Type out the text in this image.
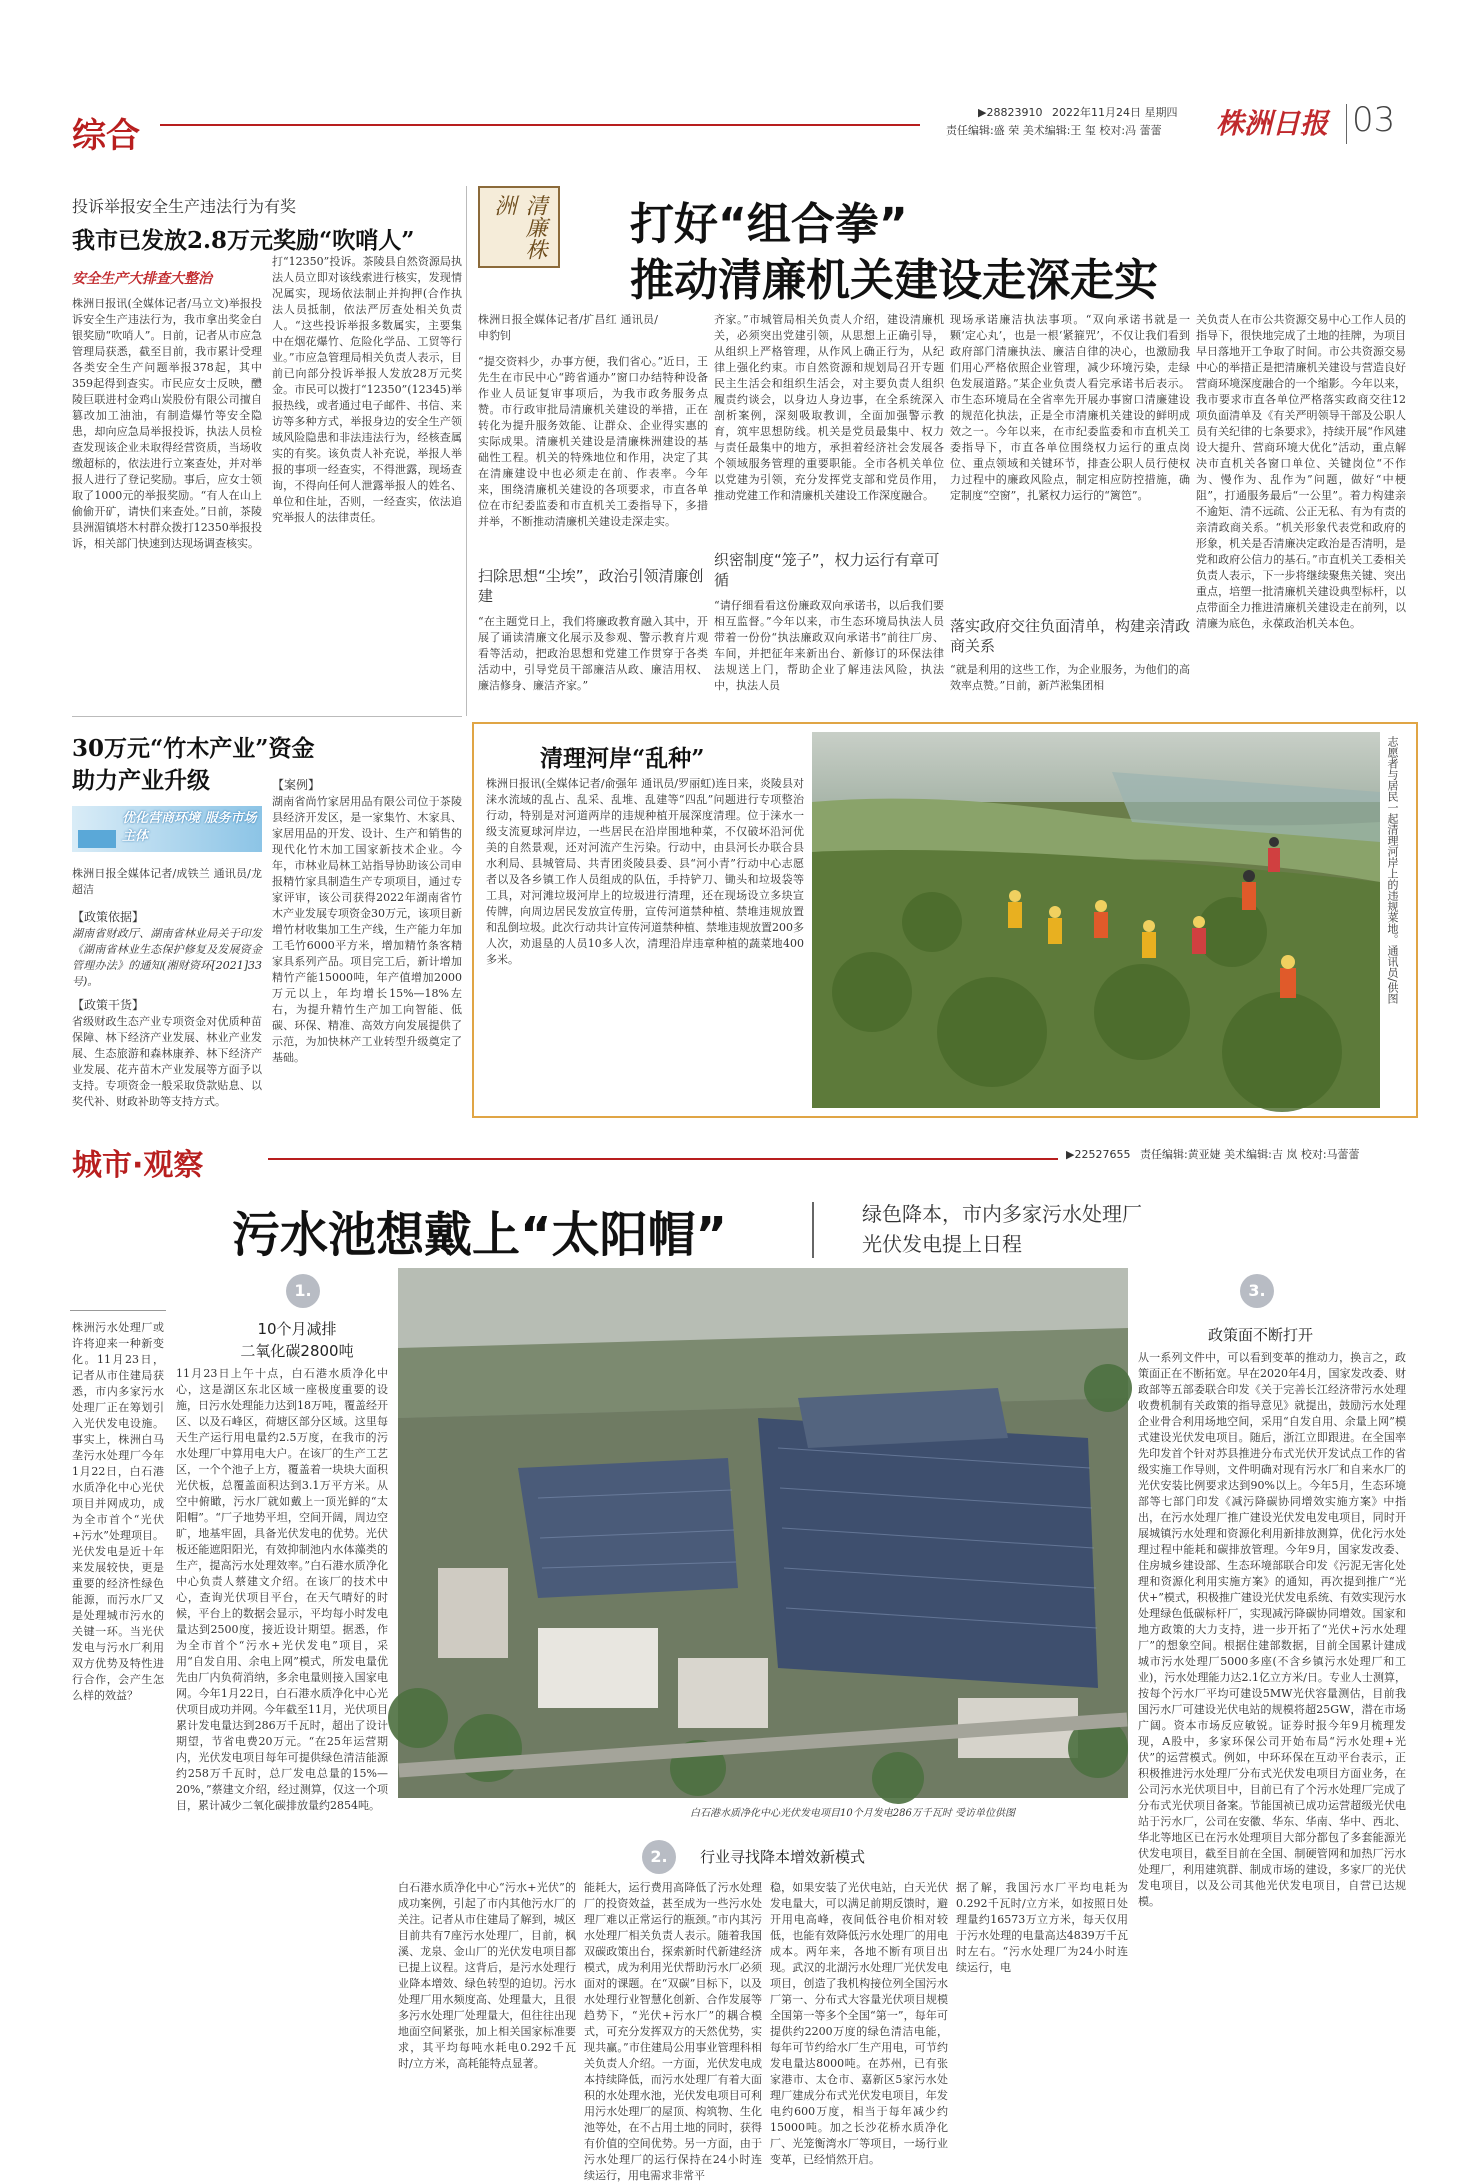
综合
▶28823910 2022年11月24日 星期四
责任编辑:盛 荣 美术编辑:王 玺 校对:冯 蕾蕾 株洲日报 03
投诉举报安全生产违法行为有奖
我市已发放2.8万元奖励“吹哨人”
安全生产大排查大整治
株洲日报讯(全媒体记者/马立文)举报投诉安全生产违法行为，我市拿出奖金白银奖励“吹哨人”。日前，记者从市应急管理局获悉，截至目前，我市累计受理各类安全生产问题举报378起，其中359起得到查实。市民应女士反映，醴陵巨联进村金鸡山炭股份有限公司擅自篡改加工油油，有制造爆竹等安全隐患，却向应急局举报投诉，执法人员检查发现该企业未取得经营资质，当场收缴超标的，依法进行立案查处，并对举报人进行了登记奖励。事后，应女士领取了1000元的举报奖励。“有人在山上偷偷开矿，请快们来查处。”日前，茶陵县洲湄镇塔木村群众拨打12350举报投诉，相关部门快速到达现场调查核实。
打“12350”投诉。茶陵县自然资源局执法人员立即对该线索进行核实，发现情况属实，现场依法制止并拘押(合作执法人员抵制，依法严厉查处相关负责人。“这些投诉举报多数属实，主要集中在烟花爆竹、危险化学品、工贸等行业。”市应急管理局相关负责人表示，目前已向部分投诉举报人发放28万元奖金。市民可以拨打“12350”(12345)举报热线，或者通过电子邮件、书信、来访等多种方式，举报身边的安全生产领域风险隐患和非法违法行为，经核查属实的有奖。该负责人补充说，举报人举报的事项一经查实，不得泄露，现场查询，不得向任何人泄露举报人的姓名、单位和住址，否则，一经查实，依法追究举报人的法律责任。
清廉株洲	打好“组合拳”
推动清廉机关建设走深走实
株洲日报全媒体记者/扩昌红 通讯员/申豹钊
“提交资料少，办事方便，我们省心。”近日，王先生在市民中心“跨省通办”窗口办结特种设备作业人员证复审事项后，为我市政务服务点赞。市行政审批局清廉机关建设的举措，正在转化为提升服务效能、让群众、企业得实惠的实际成果。清廉机关建设是清廉株洲建设的基础性工程。机关的特殊地位和作用，决定了其在清廉建设中也必须走在前、作表率。今年来，围绕清廉机关建设的各项要求，市直各单位在市纪委监委和市直机关工委指导下，多措并举，不断推动清廉机关建设走深走实。
扫除思想“尘埃”，政治引领清廉创建
“在主题党日上，我们将廉政教育融入其中，开展了诵读清廉文化展示及参观、警示教育片观看等活动，把政治思想和党建工作贯穿于各类活动中，引导党员干部廉洁从政、廉洁用权、廉洁修身、廉洁齐家。”
齐家。”市城管局相关负责人介绍，建设清廉机关，必须突出党建引领，从思想上正确引导，从组织上严格管理，从作风上确正行为，从纪律上强化约束。市自然资源和规划局召开专题民主生活会和组织生活会，对主要负责人组织履责约谈会，以身边人身边事，在全系统深入剖析案例，深刻吸取教训，全面加强警示教育，筑牢思想防线。机关是党员最集中、权力与责任最集中的地方，承担着经济社会发展各个领域服务管理的重要职能。全市各机关单位以党建为引领，充分发挥党支部和党员作用，推动党建工作和清廉机关建设工作深度融合。
织密制度“笼子”，权力运行有章可循
“请仔细看看这份廉政双向承诺书，以后我们要相互监督。”今年以来，市生态环境局执法人员带着一份份“执法廉政双向承诺书”前往厂房、车间，并把征年来新出台、新修订的环保法律法规送上门，帮助企业了解违法风险，执法中，执法人员
现场承诺廉洁执法事项。“双向承诺书就是一颗‘定心丸’，也是一根‘紧箍咒’，不仅让我们看到政府部门清廉执法、廉洁自律的决心，也激励我们用心严格依照企业管理，减少环境污染，走绿色发展道路。”某企业负责人看完承诺书后表示。市生态环境局在全省率先开展办事窗口清廉建设的规范化执法，正是全市清廉机关建设的鲜明成效之一。今年以来，在市纪委监委和市直机关工委指导下，市直各单位围绕权力运行的重点岗位、重点领域和关键环节，排查公职人员行使权力过程中的廉政风险点，制定相应防控措施，确定制度“空窗”，扎紧权力运行的“篱笆”。
落实政府交往负面清单，构建亲清政商关系
“就是利用的这些工作，为企业服务，为他们的高效率点赞。”日前，新芦淞集团相
关负责人在市公共资源交易中心工作人员的指导下，很快地完成了土地的挂牌，为项目早日落地开工争取了时间。市公共资源交易中心的举措正是把清廉机关建设与营造良好营商环境深度融合的一个缩影。今年以来，我市要求市直各单位严格落实政商交往12项负面清单及《有关严明领导干部及公职人员有关纪律的七条要求》，持续开展“作风建设大提升、营商环境大优化”活动，重点解决市直机关各窗口单位、关键岗位“不作为、慢作为、乱作为”问题，做好“中梗阻”，打通服务最后“一公里”。着力构建亲不逾矩、清不远疏、公正无私、有为有责的亲清政商关系。“机关形象代表党和政府的形象，机关是否清廉决定政治是否清明，是党和政府公信力的基石。”市直机关工委相关负责人表示，下一步将继续聚焦关键、突出重点，培塑一批清廉机关建设典型标杆，以点带面全力推进清廉机关建设走在前列，以清廉为底色，永葆政治机关本色。
30万元“竹木产业”资金
助力产业升级
优化营商环境 服务市场主体
株洲日报全媒体记者/成铁兰 通讯员/龙超洁
【政策依据】
湖南省财政厅、湖南省林业局关于印发《湖南省林业生态保护修复及发展资金管理办法》的通知(湘财资环[2021]33号)。
【政策干货】
省级财政生态产业专项资金对优质种苗保障、林下经济产业发展、林业产业发展、生态旅游和森林康养、林下经济产业发展、花卉苗木产业发展等方面予以支持。专项资金一般采取贷款贴息、以奖代补、财政补助等支持方式。
【案例】
湖南省尚竹家居用品有限公司位于茶陵县经济开发区，是一家集竹、木家具、家居用品的开发、设计、生产和销售的现代化竹木加工国家新技术企业。今年，市林业局林工站指导协助该公司申报精竹家具制造生产专项项目，通过专家评审，该公司获得2022年湖南省竹木产业发展专项资金30万元，该项目新增竹材收集加工生产线，生产能力年加工毛竹6000平方米，增加精竹条客精家具系列产品。项目完工后，新计增加精竹产能15000吨，年产值增加2000万元以上，年均增长15%—18%左右，为提升精竹生产加工向智能、低碳、环保、精准、高效方向发展提供了示范，为加快林产工业转型升级奠定了基础。
清理河岸“乱种”
株洲日报讯(全媒体记者/俞强年 通讯员/罗丽虹)连日来，炎陵县对涞水流域的乱占、乱采、乱堆、乱建等“四乱”问题进行专项整治行动，特别是对河道两岸的违规种植开展深度清理。位于涞水一级支流夏球河岸边，一些居民在沿岸围地种菜，不仅破坏沿河优美的自然景观，还对河流产生污染。行动中，由县河长办联合县水利局、县城管局、共青团炎陵县委、县“河小青”行动中心志愿者以及各乡镇工作人员组成的队伍，手持铲刀、锄头和垃圾袋等工具，对河滩垃圾河岸上的垃圾进行清理，还在现场设立多块宣传牌，向周边居民发放宣传册，宣传河道禁种植、禁堆违规放置和乱倒垃圾。此次行动共计宣传河道禁种植、禁堆违规放置200多人次，劝退垦的人员10多人次，清理沿岸违章种植的蔬菜地400多米。	志愿者与居民一起清理河岸上的违规菜地。通讯员/供图
城市·观察	▶22527655 责任编辑:黄亚婕 美术编辑:吉 岚 校对:马蕾蕾
污水池想戴上“太阳帽”	绿色降本，市内多家污水处理厂
光伏发电提上日程
株洲污水处理厂或许将迎来一种新变化。11月23日，记者从市住建局获悉，市内多家污水处理厂正在筹划引入光伏发电设施。事实上，株洲白马垄污水处理厂今年1月22日，白石港水质净化中心光伏项目并网成功，成为全市首个“光伏+污水”处理项目。光伏发电是近十年来发展较快，更是重要的经济性绿色能源，而污水厂又是处理城市污水的关键一环。当光伏发电与污水厂利用双方优势及特性进行合作，会产生怎么样的效益？
1.
10个月减排
二氧化碳2800吨
11月23日上午十点，白石港水质净化中心，这是湖区东北区域一座极度重要的设施，日污水处理能力达到18万吨，覆盖经开区、以及石峰区，荷塘区部分区域。这里每天生产运行用电量约2.5万度，在我市的污水处理厂中算用电大户。在该厂的生产工艺区，一个个池子上方，覆盖着一块块大面积光伏板，总覆盖面积达到3.1万平方米。从空中俯瞰，污水厂就如戴上一顶光鲜的“太阳帽”。“厂子地势平坦，空间开阔，周边空旷，地基牢固，具备光伏发电的优势。光伏板还能遮阳阳光，有效抑制池内水体藻类的生产，提高污水处理效率。”白石港水质净化中心负责人蔡建文介绍。在该厂的技术中心，查询光伏项目平台，在天气晴好的时候，平台上的数据会显示，平均每小时发电量达到2500度，接近设计期望。据悉，作为全市首个“污水+光伏发电”项目，采用“自发自用、余电上网”模式，所发电量优先由厂内负荷消纳，多余电量则接入国家电网。今年1月22日，白石港水质净化中心光伏项目成功并网。今年截至11月，光伏项目累计发电量达到286万千瓦时，超出了设计期望，节省电费20万元。“在25年运营期内，光伏发电项目每年可提供绿色清洁能源约258万千瓦时，总厂发电总量的15%—20%，”蔡建文介绍，经过测算，仅这一个项目，累计减少二氧化碳排放量约2854吨。
白石港水质净化中心光伏发电项目10个月发电286万千瓦时 受访单位供图
2.	行业寻找降本增效新模式
白石港水质净化中心“污水+光伏”的成功案例，引起了市内其他污水厂的关注。记者从市住建局了解到，城区目前共有7座污水处理厂，目前，枫溪、龙泉、金山厂的光伏发电项目都已提上议程。这背后，是污水处理行业降本增效、绿色转型的迫切。污水处理厂用水频度高、处理量大，且很多污水处理厂处理量大，但往往出现地面空间紧张，加上相关国家标准要求，其平均每吨水耗电0.292千瓦时/立方米，高耗能特点显著。
能耗大，运行费用高降低了污水处理厂的投资效益，甚至成为一些污水处理厂难以正常运行的瓶颈。”市内其污水处理厂相关负责人表示。随着我国双碳政策出台，探索新时代新建经济模式，成为利用光伏帮助污水厂必须面对的课题。在“双碳”目标下，以及水处理行业智慧化创新、合作发展等趋势下，“光伏+污水厂”的耦合模式，可充分发挥双方的天然优势，实现共赢。”市住建局公用事业管理科相关负责人介绍。一方面，光伏发电成本持续降低，而污水处理厂有着大面积的水处理水池，光伏发电项目可利用污水处理厂的屋顶、构筑物、生化池等处，在不占用土地的同时，获得有价值的空间优势。另一方面，由于污水处理厂的运行保持在24小时连续运行，用电需求非常平
稳，如果安装了光伏电站，白天光伏发电量大，可以满足前期反馈时，避开用电高峰，夜间低谷电价相对较低，也能有效降低污水处理厂的用电成本。两年来，各地不断有项目出现。武汉的北湖污水处理厂光伏发电项目，创造了我机构接位列全国污水厂第一、分布式大容量光伏项目规模全国第一等多个全国“第一”，每年可提供约2200万度的绿色清洁电能，每年可节约给水厂生产用电，可节约发电量达8000吨。在苏州，已有张家港市、太仓市、嘉新区5家污水处理厂建成分布式光伏发电项目，年发电约600万度，相当于每年减少约15000吨。加之长沙花桥水质净化厂、光笼衡湾水厂等项目，一场行业变革，已经悄然开启。
据了解，我国污水厂平均电耗为0.292千瓦时/立方米，如按照日处理量约16573万立方米，每天仅用于污水处理的电量高达4839万千瓦时左右。“污水处理厂为24小时连续运行，电
3.
政策面不断打开
从一系列文件中，可以看到变革的推动力，换言之，政策面正在不断拓宽。早在2020年4月，国家发改委、财政部等五部委联合印发《关于完善长江经济带污水处理收费机制有关政策的指导意见》就提出，鼓励污水处理企业骨合利用场地空间，采用“自发自用、余量上网”模式建设光伏发电项目。随后，浙江立即跟进。在全国率先印发首个针对苏县推进分布式光伏开发试点工作的省级实施工作导则，文件明确对现有污水厂和自来水厂的光伏安装比例要求达到90%以上。今年5月，生态环境部等七部门印发《减污降碳协同增效实施方案》中指出，在污水处理厂推广建设光伏发电发电项目，同时开展城镇污水处理和资源化利用新排放测算，优化污水处理过程中能耗和碳排放管理。今年9月，国家发改委、住房城乡建设部、生态环境部联合印发《污泥无害化处理和资源化利用实施方案》的通知，再次提到推广“光伏+”模式，积极推广建设光伏发电系统、有效实现污水处理绿色低碳标杆厂，实现减污降碳协同增效。国家和地方政策的大力支持，进一步开拓了“光伏+污水处理厂”的想象空间。根据住建部数据，目前全国累计建成城市污水处理厂5000多座(不含乡镇污水处理厂和工业)，污水处理能力达2.1亿立方米/日。专业人士测算，按每个污水厂平均可建设5MW光伏容量测估，目前我国污水厂可建设光伏电站的规模将超25GW，潜在市场广阔。资本市场反应敏锐。证券时报今年9月梳理发现，A股中，多家环保公司开始布局“污水处理+光伏”的运营模式。例如，中环环保在互动平台表示，正积极推进污水处理厂分布式光伏发电项目方面业务，在公司污水光伏项目中，目前已有了个污水处理厂完成了分布式光伏项目备案。节能国祯已成功运营超级光伏电站于污水厂，公司在安徽、华东、华南、华中、西北、华北等地区已在污水处理项目大部分都包了多套能源光伏发电项目，截至目前在全国、制硬管网和加热厂污水处理厂，利用建筑群、制成市场的建设，多家厂的光伏发电项目，以及公司其他光伏发电项目，自营已达规模。
